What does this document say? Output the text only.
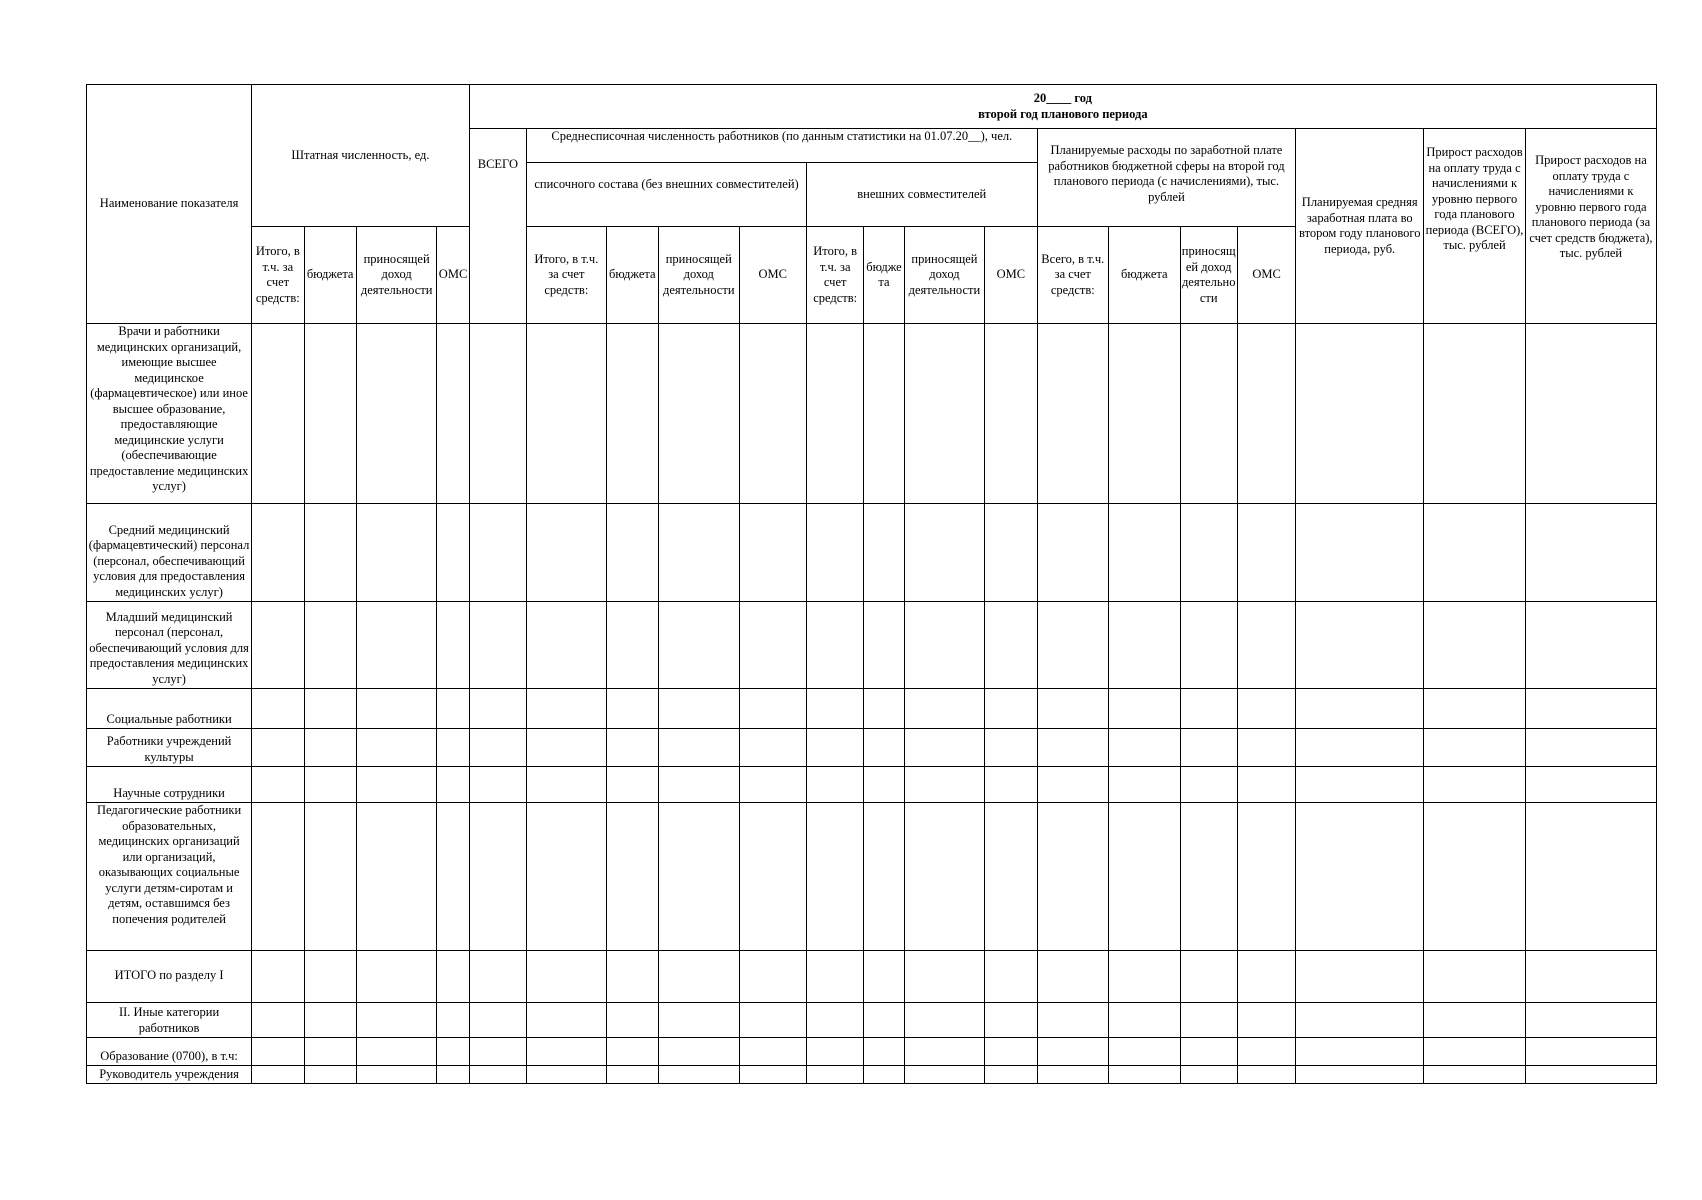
Наименование показателя	Штатная численность, ед.				20____ год
второй год планового периода															

					ВСЕГО	Среднесписочная численность работников (по данным статистики на 01.07.20__), чел.								Планируемые расходы по заработной плате работников бюджетной сферы на второй год планового периода (с начислениями), тыс. рублей				Планируемая средняя заработная плата во втором году планового периода, руб.	Прирост расходов на оплату труда с начислениями к уровню первого года планового периода (ВСЕГО), тыс. рублей	Прирост расходов на оплату труда с начислениями к уровню первого года планового периода (за счет средств бюджета), тыс. рублей
						списочного состава (без внешних совместителей)				внешних совместителей										
	Итого, в т.ч. за счет средств:	бюджета	приносящей доход деятельности	ОМС		Итого, в т.ч. за счет средств:	бюджета	приносящей доход деятельности	ОМС	Итого, в т.ч. за счет средств:	бюджета	приносящей доход деятельности	ОМС	Всего, в т.ч. за счет средств:	бюджета	приносящей доход деятельности	ОМС			
Врачи и работники медицинских организаций, имеющие высшее медицинское (фармацевтическое) или иное высшее образование, предоставляющие медицинские услуги (обеспечивающие предоставление медицинских услуг)																				
Средний медицинский (фармацевтический) персонал (персонал, обеспечивающий условия для предоставления медицинских услуг)																				
Младший медицинский персонал (персонал, обеспечивающий условия для предоставления медицинских услуг)																				
Социальные работники																				
Работники учреждений культуры																				
Научные сотрудники																				
Педагогические работники образовательных, медицинских организаций или организаций, оказывающих социальные услуги детям-сиротам и детям, оставшимся без попечения родителей																				
ИТОГО по разделу I																				
II. Иные категории работников																				
Образование (0700), в т.ч:																				
Руководитель учреждения																				
